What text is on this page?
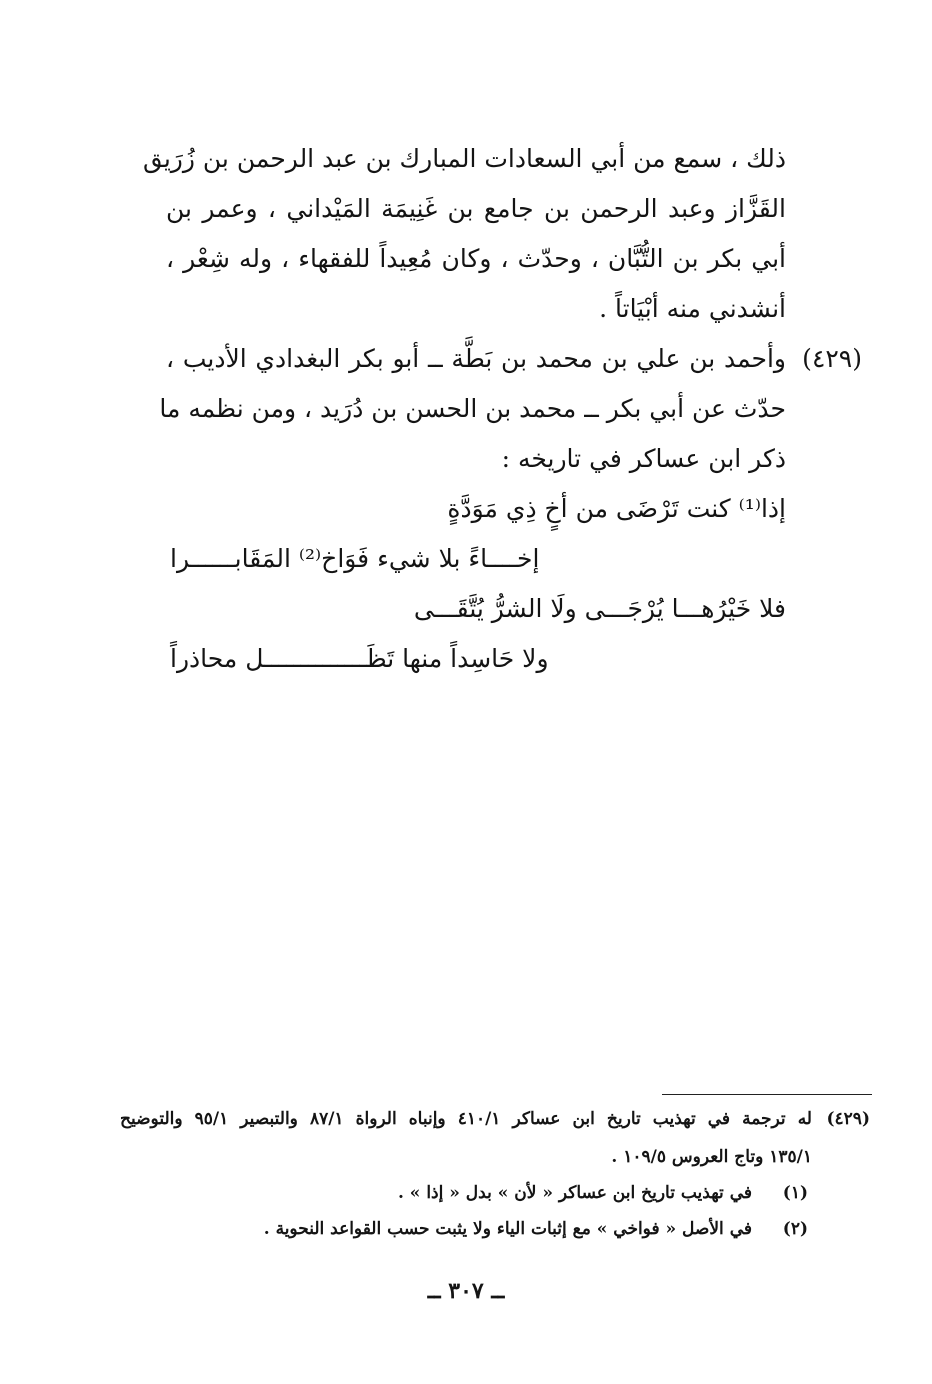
ذلك ، سمع من أبي السعادات المبارك بن عبد الرحمن بن زُرَيق
القَزَّاز وعبد الرحمن بن جامع بن غَنِيمَة المَيْداني ، وعمر بن
أبي بكر بن التُّبَّان ، وحدّث ، وكان مُعِيداً للفقهاء ، وله شِعْر ،
أنشدني منه أبْيَاتاً .
(٤٢٩)
وأحمد بن علي بن محمد بن بَطَّة ــ أبو بكر البغدادي الأديب ،
حدّث عن أبي بكر ــ محمد بن الحسن بن دُرَيد ، ومن نظمه ما
ذكر ابن عساكر في تاريخه :
إذا⁽¹⁾ كنت تَرْضَى من أخٍ ذِي مَوَدَّةٍ
إخــــاءً بلا شيء فَوَاخ⁽²⁾ المَقَابــــــرا
فلا خَيْرُهـــا يُرْجَـــى ولَا الشرُّ يُتَّقَـــى
ولا حَاسِداً منها تَظَــــــــــــــل محاذراً
(٤٢٩)
له ترجمة في تهذيب تاريخ ابن عساكر ٤١٠/١ وإنباه الرواة ٨٧/١ والتبصير ٩٥/١ والتوضيح
١٣٥/١ وتاج العروس ١٠٩/٥ .
(١)
في تهذيب تاريخ ابن عساكر « لأن » بدل « إذا » .
(٢)
في الأصل « فواخي » مع إثبات الياء ولا يثبت حسب القواعد النحوية .
ــ ٣٠٧ ــ
